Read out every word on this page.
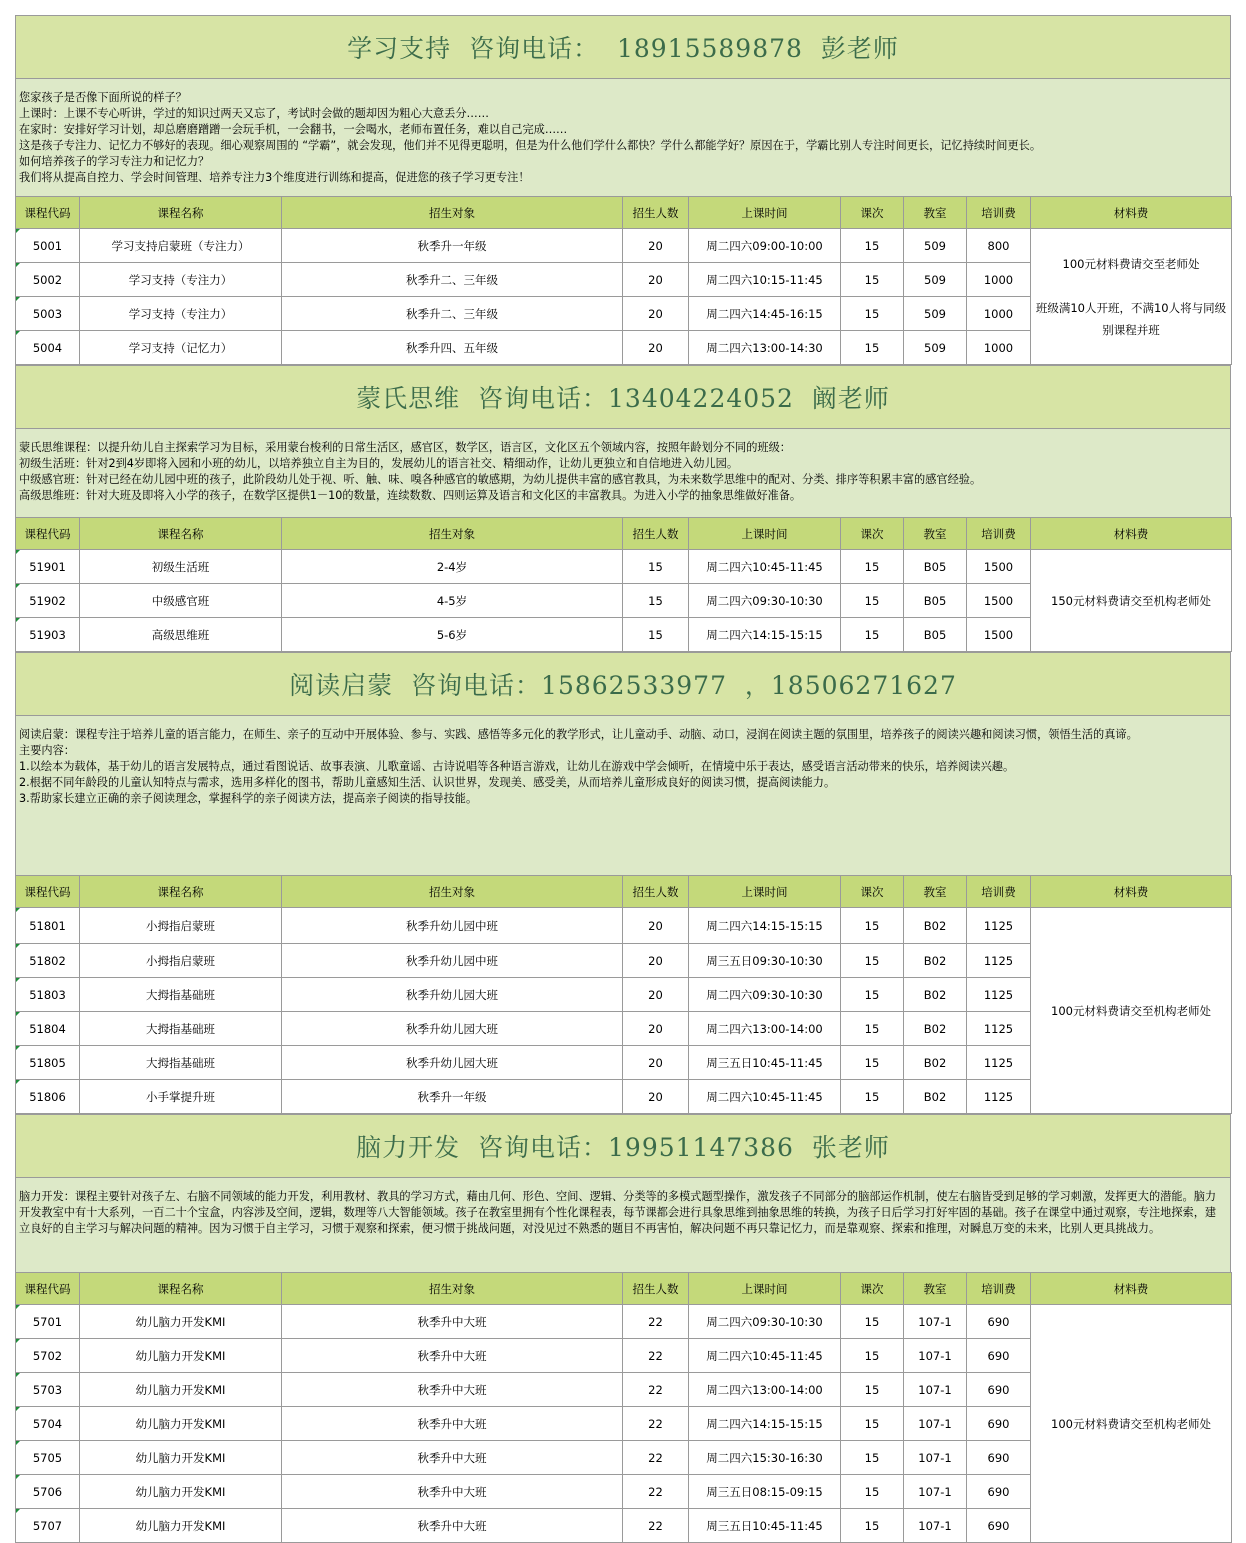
学习支持  咨询电话：  18915589878  彭老师
您家孩子是否像下面所说的样子？
上课时：上课不专心听讲，学过的知识过两天又忘了，考试时会做的题却因为粗心大意丢分……
在家时：安排好学习计划，却总磨磨蹭蹭一会玩手机，一会翻书，一会喝水，老师布置任务，难以自己完成……
这是孩子专注力、记忆力不够好的表现。细心观察周围的 “学霸”，就会发现，他们并不见得更聪明，但是为什么他们学什么都快？学什么都能学好？原因在于，学霸比别人专注时间更长，记忆持续时间更长。
如何培养孩子的学习专注力和记忆力？
我们将从提高自控力、学会时间管理、培养专注力3个维度进行训练和提高，促进您的孩子学习更专注！
课程代码	课程名称	招生对象	招生人数	上课时间	课次	教室	培训费	材料费
5001	学习支持启蒙班（专注力）	秋季升一年级	20	周二四六09:00-10:00	15	509	800	100元材料费请交至老师处

班级满10人开班，不满10人将与同级别课程并班
5002	学习支持（专注力）	秋季升二、三年级	20	周二四六10:15-11:45	15	509	1000	
5003	学习支持（专注力）	秋季升二、三年级	20	周二四六14:45-16:15	15	509	1000	
5004	学习支持（记忆力）	秋季升四、五年级	20	周二四六13:00-14:30	15	509	1000	
蒙氏思维  咨询电话：13404224052  阚老师
蒙氏思维课程：以提升幼儿自主探索学习为目标，采用蒙台梭利的日常生活区，感官区，数学区，语言区，文化区五个领域内容，按照年龄划分不同的班级：
初级生活班：针对2到4岁即将入园和小班的幼儿，以培养独立自主为目的，发展幼儿的语言社交、精细动作，让幼儿更独立和自信地进入幼儿园。
中级感官班：针对已经在幼儿园中班的孩子，此阶段幼儿处于视、听、触、味、嗅各种感官的敏感期，为幼儿提供丰富的感官教具，为未来数学思维中的配对、分类、排序等积累丰富的感官经验。
高级思维班：针对大班及即将入小学的孩子，在数学区提供1－10的数量，连续数数、四则运算及语言和文化区的丰富教具。为进入小学的抽象思维做好准备。
课程代码	课程名称	招生对象	招生人数	上课时间	课次	教室	培训费	材料费
51901	初级生活班	2-4岁	15	周二四六10:45-11:45	15	B05	1500	150元材料费请交至机构老师处
51902	中级感官班	4-5岁	15	周二四六09:30-10:30	15	B05	1500	
51903	高级思维班	5-6岁	15	周二四六14:15-15:15	15	B05	1500	
阅读启蒙  咨询电话：15862533977  ，18506271627
阅读启蒙：课程专注于培养儿童的语言能力，在师生、亲子的互动中开展体验、参与、实践、感悟等多元化的教学形式，让儿童动手、动脑、动口，浸润在阅读主题的氛围里，培养孩子的阅读兴趣和阅读习惯，领悟生活的真谛。
主要内容：
1.以绘本为载体，基于幼儿的语言发展特点，通过看图说话、故事表演、儿歌童谣、古诗说唱等各种语言游戏，让幼儿在游戏中学会倾听，在情境中乐于表达，感受语言活动带来的快乐，培养阅读兴趣。
2.根据不同年龄段的儿童认知特点与需求，选用多样化的图书，帮助儿童感知生活、认识世界，发现美、感受美，从而培养儿童形成良好的阅读习惯，提高阅读能力。
3.帮助家长建立正确的亲子阅读理念，掌握科学的亲子阅读方法，提高亲子阅读的指导技能。
课程代码	课程名称	招生对象	招生人数	上课时间	课次	教室	培训费	材料费
51801	小拇指启蒙班	秋季升幼儿园中班	20	周二四六14:15-15:15	15	B02	1125	100元材料费请交至机构老师处
51802	小拇指启蒙班	秋季升幼儿园中班	20	周三五日09:30-10:30	15	B02	1125	
51803	大拇指基础班	秋季升幼儿园大班	20	周二四六09:30-10:30	15	B02	1125	
51804	大拇指基础班	秋季升幼儿园大班	20	周二四六13:00-14:00	15	B02	1125	
51805	大拇指基础班	秋季升幼儿园大班	20	周三五日10:45-11:45	15	B02	1125	
51806	小手掌提升班	秋季升一年级	20	周二四六10:45-11:45	15	B02	1125	
脑力开发  咨询电话：19951147386  张老师
脑力开发：课程主要针对孩子左、右脑不同领域的能力开发，利用教材、教具的学习方式，藉由几何、形色、空间、逻辑、分类等的多模式题型操作，激发孩子不同部分的脑部运作机制，使左右脑皆受到足够的学习刺激，发挥更大的潜能。脑力开发教室中有十大系列，一百二十个宝盒，内容涉及空间，逻辑，数理等八大智能领域。孩子在教室里拥有个性化课程表，每节课都会进行具象思维到抽象思维的转换，为孩子日后学习打好牢固的基础。孩子在课堂中通过观察，专注地探索，建立良好的自主学习与解决问题的精神。因为习惯于自主学习，习惯于观察和探索，便习惯于挑战问题，对没见过不熟悉的题目不再害怕，解决问题不再只靠记忆力，而是靠观察、探索和推理，对瞬息万变的未来，比别人更具挑战力。
课程代码	课程名称	招生对象	招生人数	上课时间	课次	教室	培训费	材料费
5701	幼儿脑力开发KMI	秋季升中大班	22	周二四六09:30-10:30	15	107-1	690	100元材料费请交至机构老师处
5702	幼儿脑力开发KMI	秋季升中大班	22	周二四六10:45-11:45	15	107-1	690	
5703	幼儿脑力开发KMI	秋季升中大班	22	周二四六13:00-14:00	15	107-1	690	
5704	幼儿脑力开发KMI	秋季升中大班	22	周二四六14:15-15:15	15	107-1	690	
5705	幼儿脑力开发KMI	秋季升中大班	22	周二四六15:30-16:30	15	107-1	690	
5706	幼儿脑力开发KMI	秋季升中大班	22	周三五日08:15-09:15	15	107-1	690	
5707	幼儿脑力开发KMI	秋季升中大班	22	周三五日10:45-11:45	15	107-1	690	
